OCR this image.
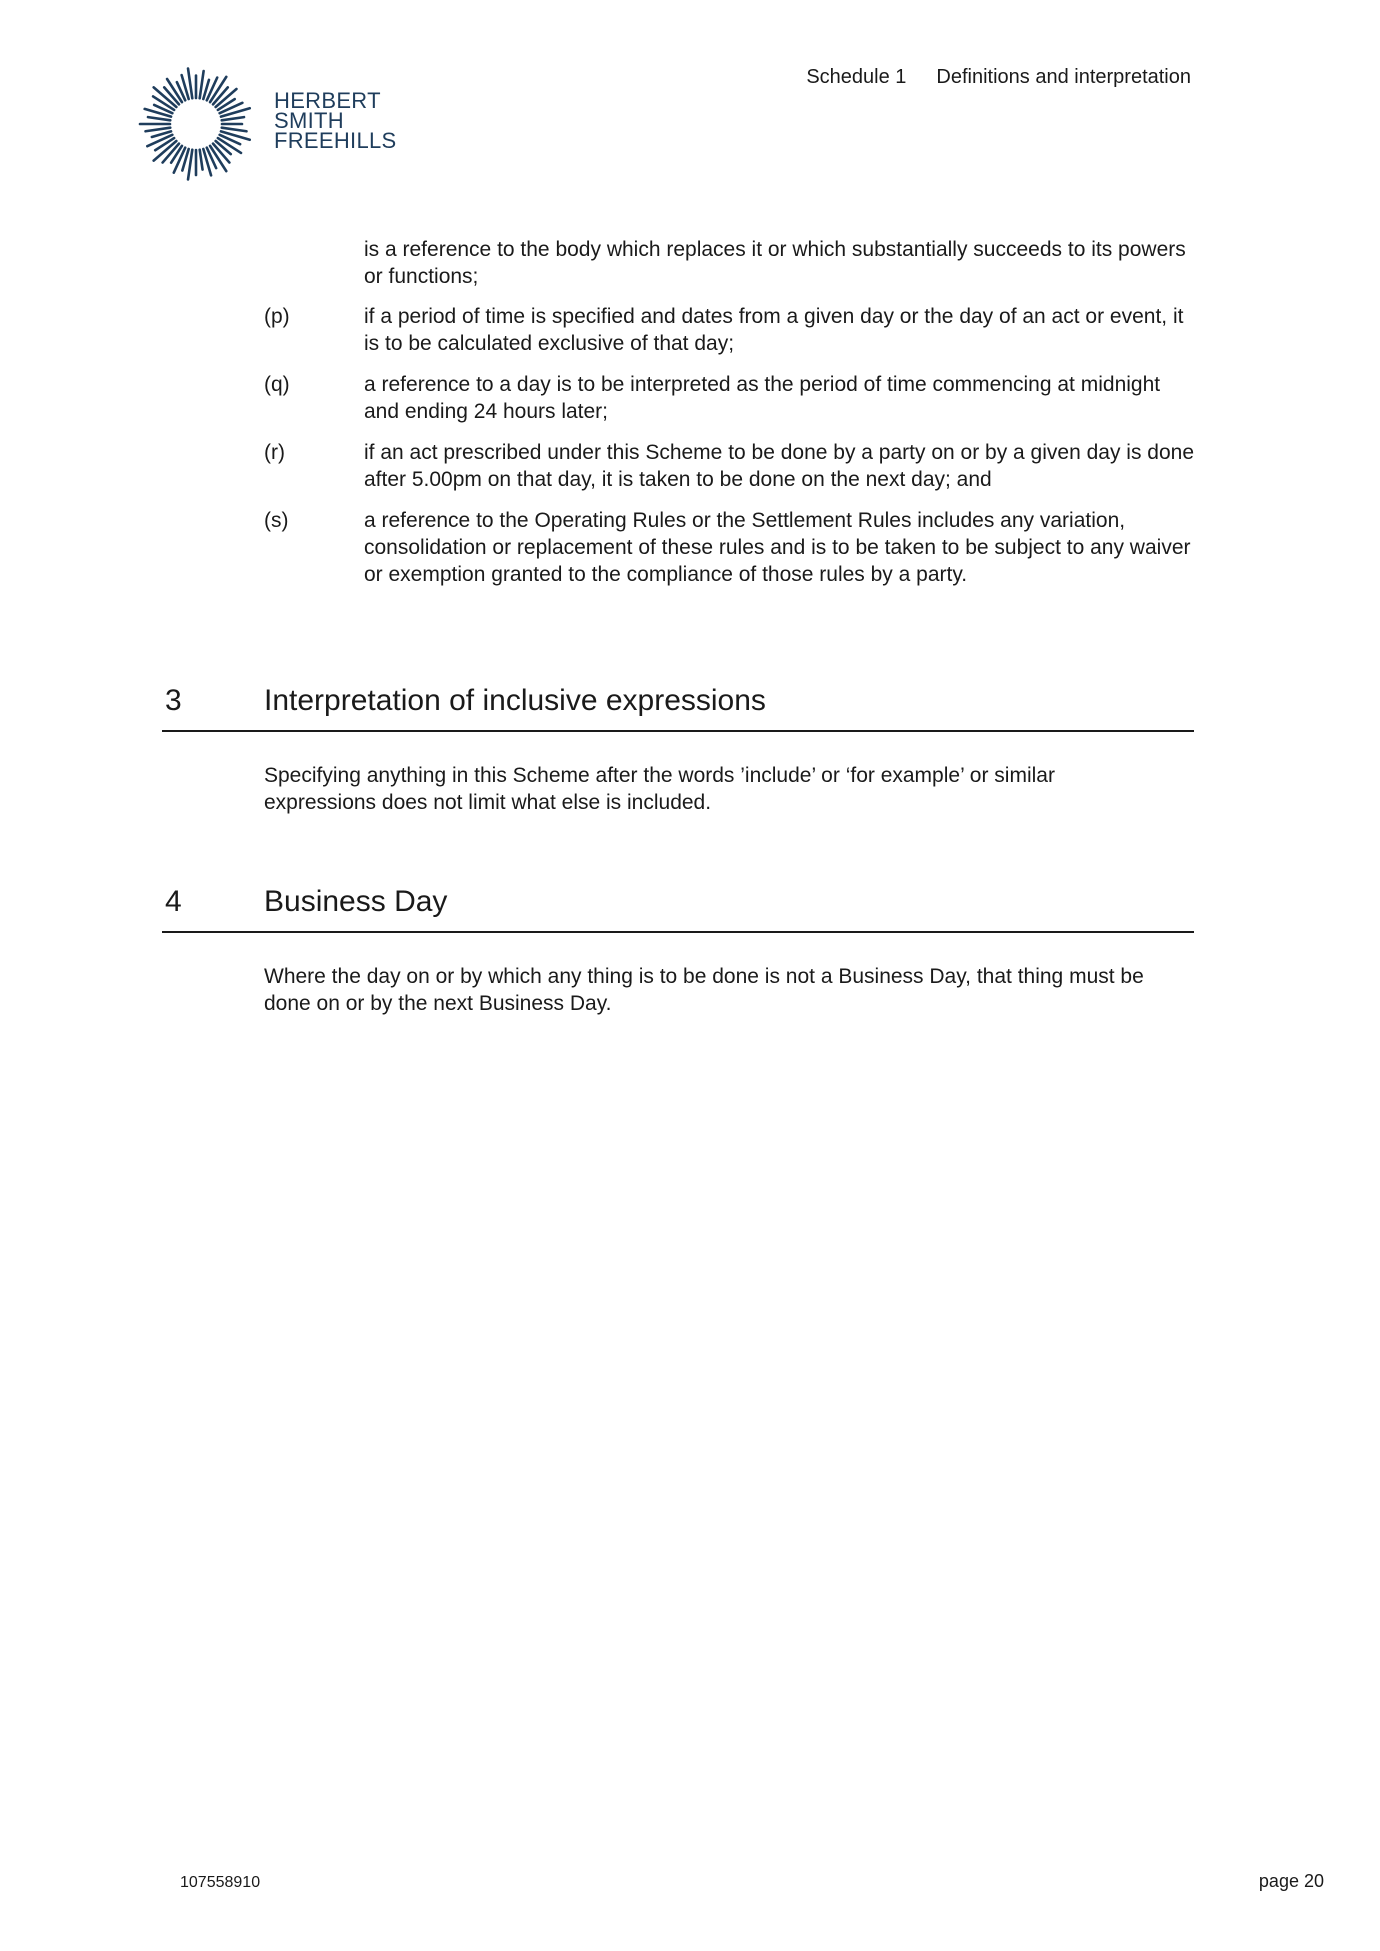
HERBERT
SMITH
FREEHILLS
Schedule 1 Definitions and interpretation
is a reference to the body which replaces it or which substantially succeeds to its powers or functions;
(p)	if a period of time is specified and dates from a given day or the day of an act or event, it is to be calculated exclusive of that day;
(q)	a reference to a day is to be interpreted as the period of time commencing at midnight and ending 24 hours later;
(r)	if an act prescribed under this Scheme to be done by a party on or by a given day is done after 5.00pm on that day, it is taken to be done on the next day; and
(s)	a reference to the Operating Rules or the Settlement Rules includes any variation, consolidation or replacement of these rules and is to be taken to be subject to any waiver or exemption granted to the compliance of those rules by a party.
3	Interpretation of inclusive expressions
Specifying anything in this Scheme after the words ’include’ or ‘for example’ or similar expressions does not limit what else is included.
4	Business Day
Where the day on or by which any thing is to be done is not a Business Day, that thing must be done on or by the next Business Day.
107558910	page 20
